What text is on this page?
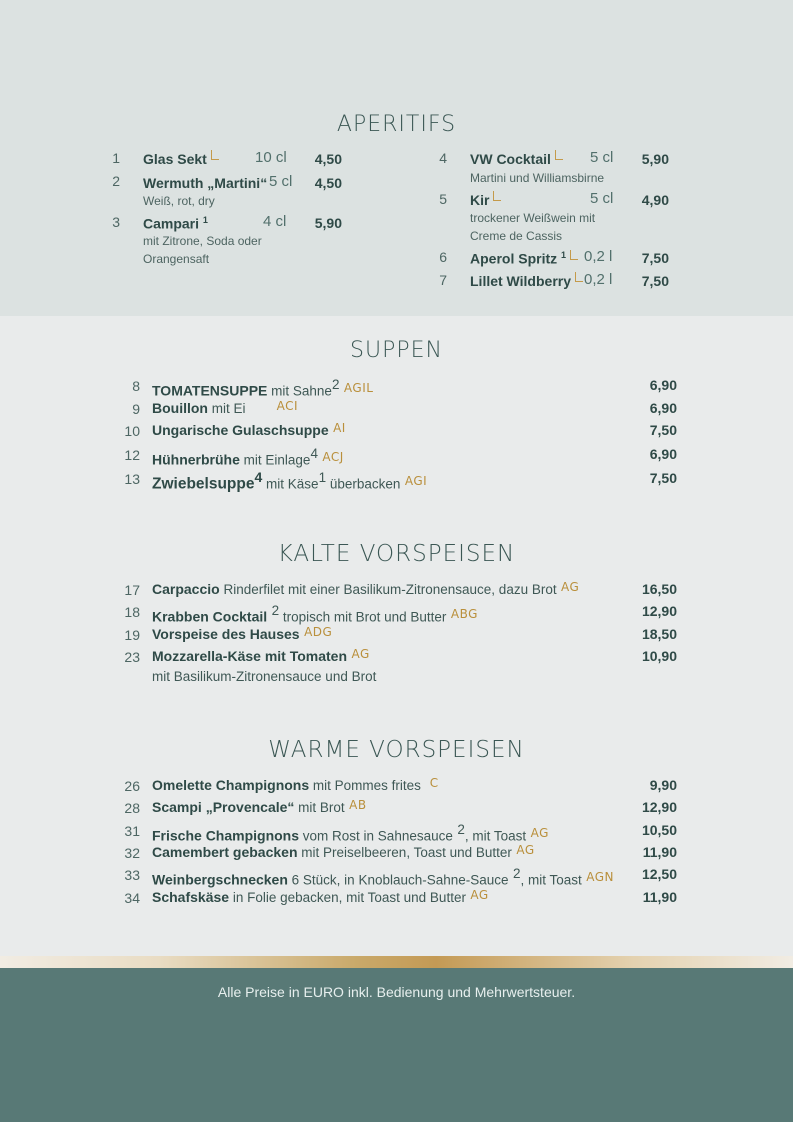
Alle Preise in EURO inkl. Bedienung und Mehrwertsteuer.
APERITIFS
1 Glas Sekt	10 cl	4,50
2 Wermuth „Martini“ 5 cl	4,50
Weiß, rot, dry
3 Campari $^1$	4 cl	5,90
mit Zitrone, Soda oder
Orangensaft
4 VW Cocktail	5 cl	5,90
Martini und Williamsbirne
5 Kir	5 cl	4,90
trockener Weißwein mit
Creme de Cassis
6 Aperol Spritz $^1$	0,2 l	7,50
7 Lillet Wildberry 0,2 l	7,50
SUPPEN
8 TOMATENSUPPE mit Sahne$^2$ AGIL	6,90
9 Bouillon mit Ei	ACI	6,90
10 Ungarische Gulaschsuppe AI	7,50
12 Hühnerbrühe mit Einlage$^4$ ACJ	6,90
13 Zwiebelsuppe$^4$ mit Käse$^1$ überbacken AGI	7,50
KALTE VORSPEISEN
17 Carpaccio Rinderfilet mit einer Basilikum-Zitronensauce, dazu Brot AG	16,50
18 Krabben Cocktail $^2$ tropisch mit Brot und Butter ABG	12,90
19 Vorspeise des Hauses ADG	18,50
23 Mozzarella-Käse mit Tomaten AG	10,90
mit Basilikum-Zitronensauce und Brot
WARME VORSPEISEN
26 Omelette Champignons mit Pommes frites C	9,90
28 Scampi „Provencale“ mit Brot AB	12,90
31 Frische Champignons vom Rost in Sahnesauce $^2$, mit Toast AG	10,50
32 Camembert gebacken mit Preiselbeeren, Toast und Butter AG	11,90
33 Weinbergschnecken 6 Stück, in Knoblauch-Sahne-Sauce $^2$, mit Toast AGN	12,50
34 Schafskäse in Folie gebacken, mit Toast und Butter AG	11,90
